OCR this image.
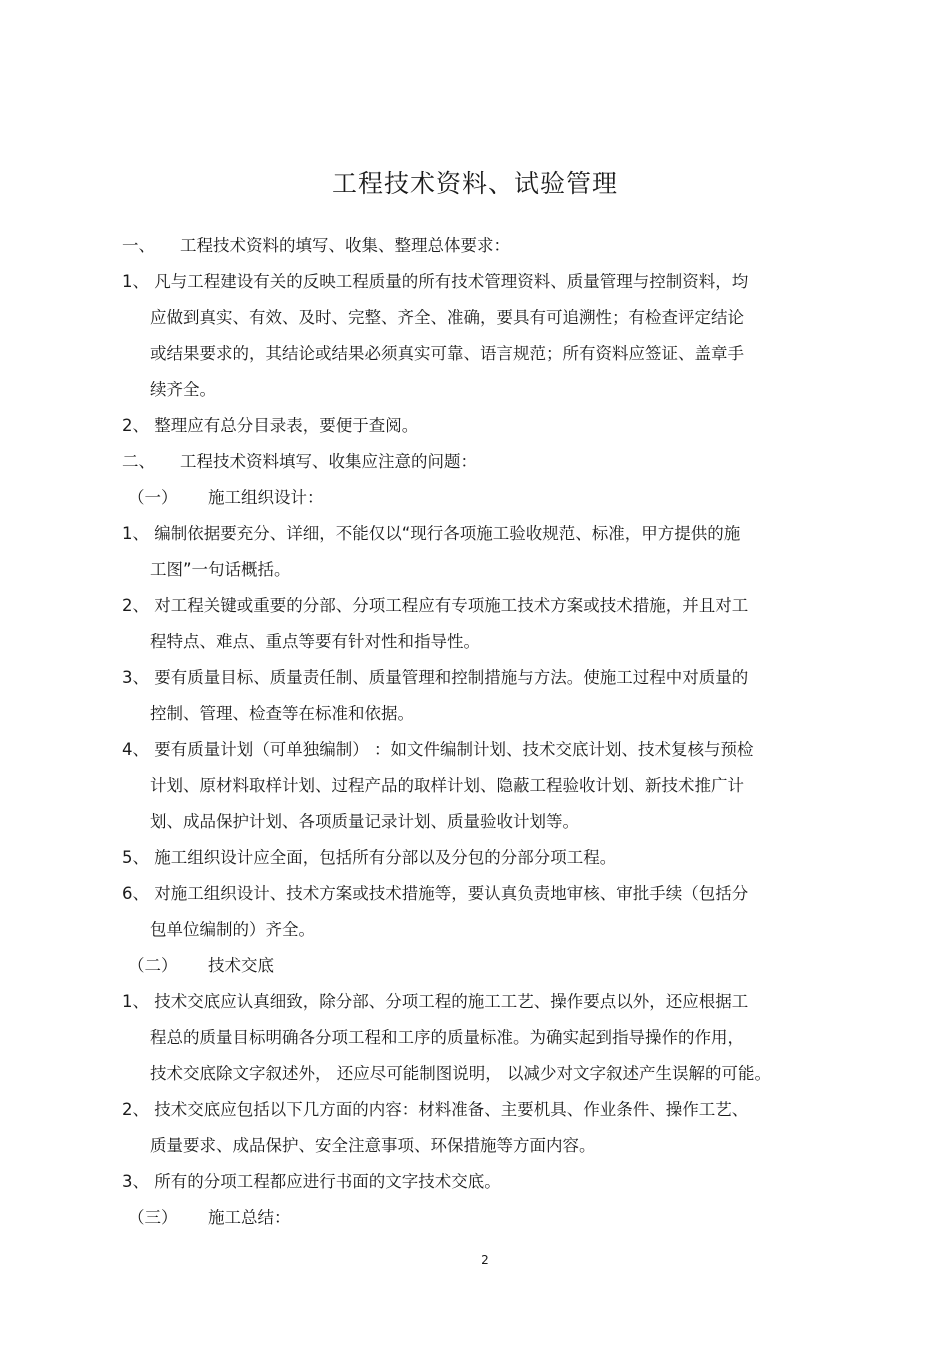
工程技术资料、试验管理
一、 工程技术资料的填写、收集、整理总体要求：
1、 凡与工程建设有关的反映工程质量的所有技术管理资料、质量管理与控制资料，均
应做到真实、有效、及时、完整、齐全、准确，要具有可追溯性；有检查评定结论
或结果要求的，其结论或结果必须真实可靠、语言规范；所有资料应签证、盖章手
续齐全。
2、 整理应有总分目录表，要便于查阅。
二、 工程技术资料填写、收集应注意的问题：
（一） 施工组织设计：
1、 编制依据要充分、详细，不能仅以“现行各项施工验收规范、标准，甲方提供的施
工图”一句话概括。
2、 对工程关键或重要的分部、分项工程应有专项施工技术方案或技术措施，并且对工
程特点、难点、重点等要有针对性和指导性。
3、 要有质量目标、质量责任制、质量管理和控制措施与方法。使施工过程中对质量的
控制、管理、检查等在标准和依据。
4、 要有质量计划（可单独编制） ：如文件编制计划、技术交底计划、技术复核与预检
计划、原材料取样计划、过程产品的取样计划、隐蔽工程验收计划、新技术推广计
划、成品保护计划、各项质量记录计划、质量验收计划等。
5、 施工组织设计应全面，包括所有分部以及分包的分部分项工程。
6、 对施工组织设计、技术方案或技术措施等，要认真负责地审核、审批手续（包括分
包单位编制的）齐全。
（二） 技术交底
1、 技术交底应认真细致，除分部、分项工程的施工工艺、操作要点以外，还应根据工
程总的质量目标明确各分项工程和工序的质量标准。为确实起到指导操作的作用，
技术交底除文字叙述外， 还应尽可能制图说明， 以减少对文字叙述产生误解的可能。
2、 技术交底应包括以下几方面的内容：材料准备、主要机具、作业条件、操作工艺、
质量要求、成品保护、安全注意事项、环保措施等方面内容。
3、 所有的分项工程都应进行书面的文字技术交底。
（三） 施工总结：
2
